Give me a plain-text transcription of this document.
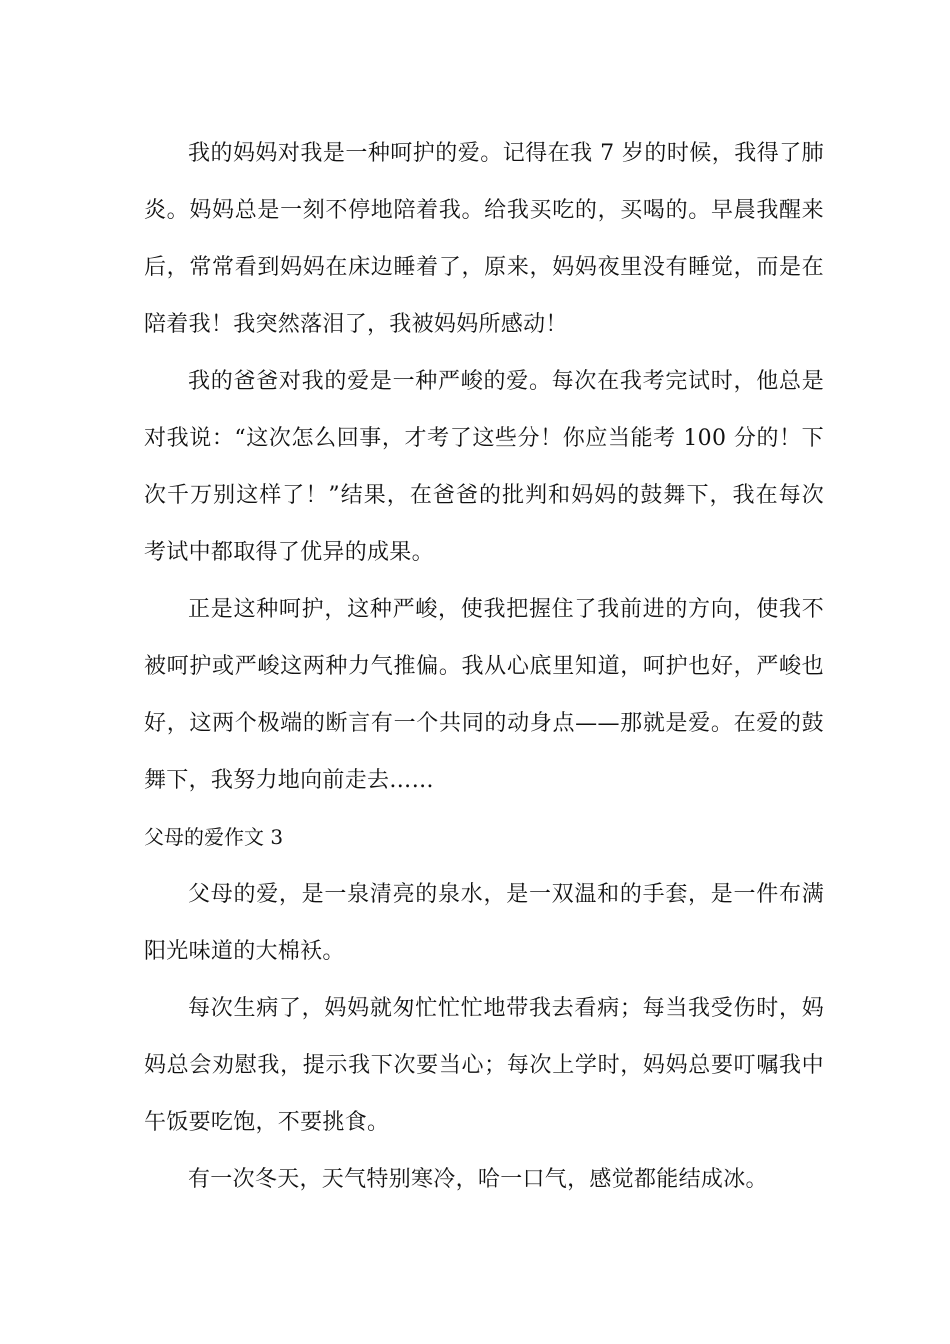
我的妈妈对我是一种呵护的爱。记得在我 7 岁的时候，我得了肺炎。妈妈总是一刻不停地陪着我。给我买吃的，买喝的。早晨我醒来后，常常看到妈妈在床边睡着了，原来，妈妈夜里没有睡觉，而是在陪着我！我突然落泪了，我被妈妈所感动！

我的爸爸对我的爱是一种严峻的爱。每次在我考完试时，他总是对我说：“这次怎么回事，才考了这些分！你应当能考 100 分的！下次千万别这样了！”结果，在爸爸的批判和妈妈的鼓舞下，我在每次考试中都取得了优异的成果。

正是这种呵护，这种严峻，使我把握住了我前进的方向，使我不被呵护或严峻这两种力气推偏。我从心底里知道，呵护也好，严峻也好，这两个极端的断言有一个共同的动身点——那就是爱。在爱的鼓舞下，我努力地向前走去……

父母的爱作文 3

父母的爱，是一泉清亮的泉水，是一双温和的手套，是一件布满阳光味道的大棉袄。

每次生病了，妈妈就匆忙忙忙地带我去看病；每当我受伤时，妈妈总会劝慰我，提示我下次要当心；每次上学时，妈妈总要叮嘱我中午饭要吃饱，不要挑食。

有一次冬天，天气特别寒冷，哈一口气，感觉都能结成冰。
